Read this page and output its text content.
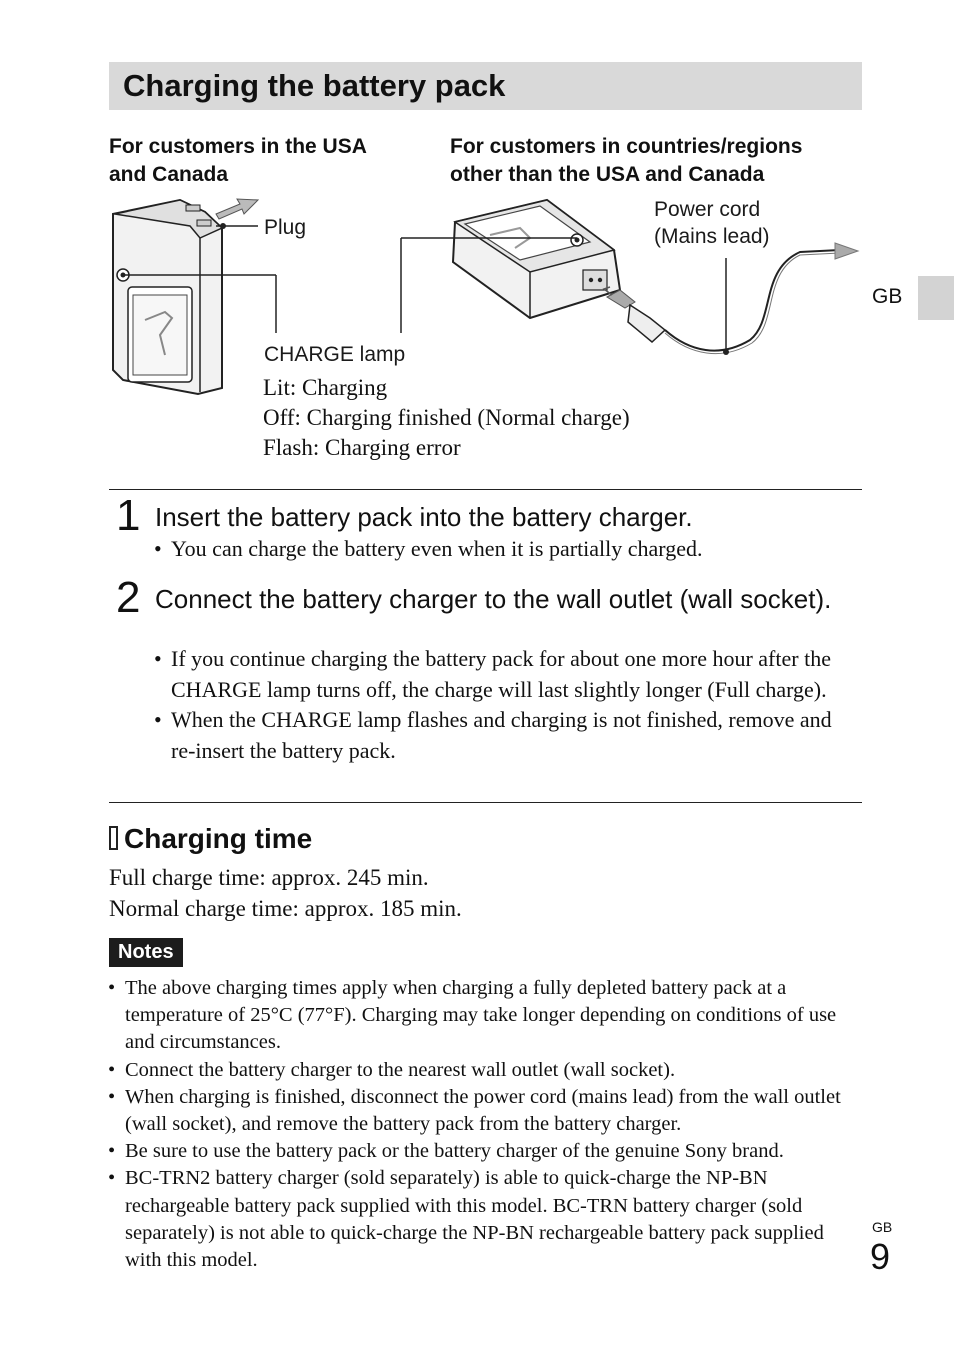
Charging the battery pack
GB
For customers in the USA
and Canada
For customers in countries/regions
other than the USA and Canada
Plug
Power cord
(Mains lead)
CHARGE lamp
Lit: Charging
Off: Charging finished (Normal charge)
Flash: Charging error
1 Insert the battery pack into the battery charger.
• You can charge the battery even when it is partially charged.
2 Connect the battery charger to the wall outlet (wall socket).
• If you continue charging the battery pack for about one more hour after the CHARGE lamp turns off, the charge will last slightly longer (Full charge).
• When the CHARGE lamp flashes and charging is not finished, remove and re-insert the battery pack.
Charging time
Full charge time: approx. 245 min.
Normal charge time: approx. 185 min.
Notes
• The above charging times apply when charging a fully depleted battery pack at a temperature of 25°C (77°F). Charging may take longer depending on conditions of use and circumstances.
• Connect the battery charger to the nearest wall outlet (wall socket).
• When charging is finished, disconnect the power cord (mains lead) from the wall outlet (wall socket), and remove the battery pack from the battery charger.
• Be sure to use the battery pack or the battery charger of the genuine Sony brand.
• BC-TRN2 battery charger (sold separately) is able to quick-charge the NP-BN rechargeable battery pack supplied with this model. BC-TRN battery charger (sold separately) is not able to quick-charge the NP-BN rechargeable battery pack supplied with this model.
GB
9
